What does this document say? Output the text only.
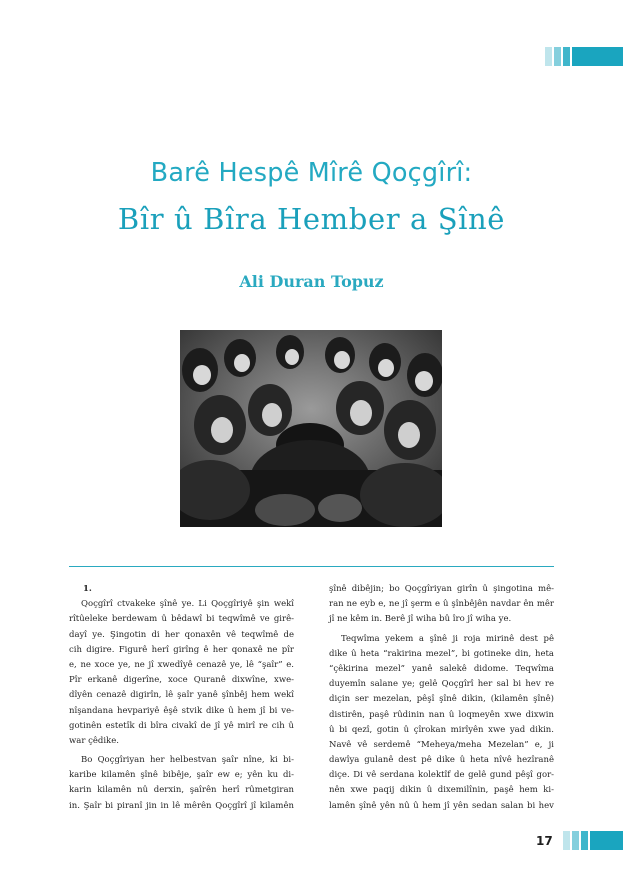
Barê Hespê Mîrê Qoçgîrî:
Bîr û Bîra Hember a Şînê
Ali Duran Topuz
1.
Qoçgîrî ctvakeke şînê ye. Li Qoçgîriyê şin wekî
rîtûeleke berdewam û bêdawî bi teqwîmê ve girê-
dayî ye. Şingotin di her qonaxên vê teqwîmê de
cih digire. Figurê herî girîng ê her qonaxê ne pîr
e, ne xoce ye, ne jî xwedîyê cenazê ye, lê “şaîr” e.
Pîr erkanê digerîne, xoce Quranê dixwîne, xwe-
dîyên cenazê digirîn, lê şaîr yanê şînbêj hem wekî
nîşandana hevpariyê êşê stvik dike û hem jî bi ve-
gotinên estetîk di bîra civakî de jî yê mirî re cih û
war çêdike.
Bo Qoçgîriyan her helbestvan şaîr nîne, ki bi-
karibe kilamên şînê bibêje, şaîr ew e; yên ku di-
karin kilamên nû derxin, şaîrên herî rûmetgiran
in. Şaîr bi piranî jin in lê mêrên Qoçgîrî jî kilamên
şînê dibêjin; bo Qoçgîriyan girîn û şingotina mê-
ran ne eyb e, ne jî şerm e û şînbêjên navdar ên mêr
jî ne kêm in. Berê jî wiha bû îro jî wiha ye.
Teqwîma yekem a şînê ji roja mirinê dest pê
dike û heta “rakirina mezel”, bi gotineke din, heta
“çêkirina mezel” yanê salekê didome. Teqwîma
duyemîn salane ye; gelê Qoçgîrî her sal bi hev re
diçin ser mezelan, pêşî şînê dikin, (kilamên şînê)
distirên, paşê rûdinin nan û loqmeyên xwe dixwin
û bi qezî, gotin û çîrokan mirîyên xwe yad dikin.
Navê vê serdemê “Meheya/meha Mezelan” e, ji
dawîya gulanê dest pê dike û heta nîvê hezîranê
diçe. Di vê serdana kolektîf de gelê gund pêşî gor-
nên xwe paqij dikin û dixemilînin, paşê hem ki-
lamên şînê yên nû û hem jî yên sedan salan bi hev
17
